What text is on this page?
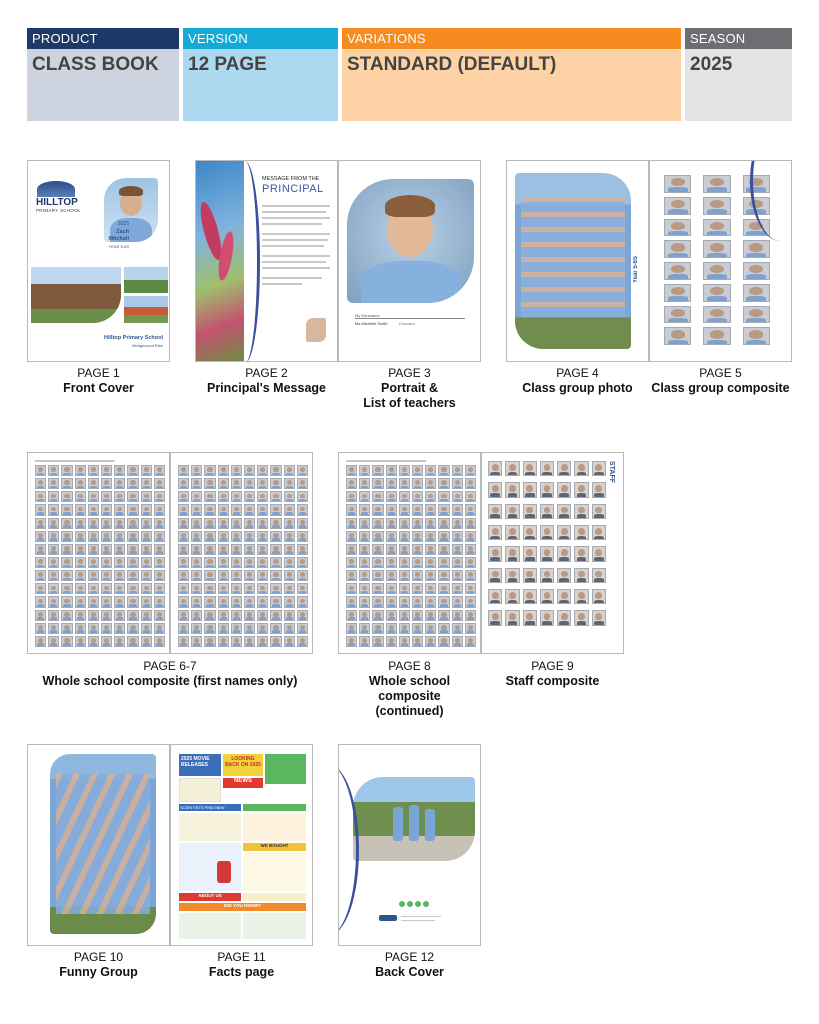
PRODUCT
CLASS BOOK
VERSION
12 PAGE
VARIATIONS
STANDARD (DEFAULT)
SEASON
2025
HILLTOP
PRIMARY SCHOOL
2025
Zach
Mitchell
YEAR 5-6S
Hilltop Primary School
Wedgewood Rise
PAGE 1
Front Cover
MESSAGE FROM THE
PRINCIPAL
My Educators
Ms Michelle Smith	Educator
PAGE 2
Principal's Message
PAGE 3
Portrait &
List of teachers
Year 5-6S
PAGE 4
Class group photo
PAGE 5
Class group composite
PAGE 6-7
Whole school composite (first names only)
STAFF
PAGE 8
Whole school
composite
(continued)
PAGE 9
Staff composite
2025 MOVIE RELEASES
LOOKING BACK ON 2025
NEWS
SCIENTISTS FIND NEW
WE BOUGHT
ABOUT US
DID YOU KNOW?
PAGE 10
Funny Group
PAGE 11
Facts page
PAGE 12
Back Cover
